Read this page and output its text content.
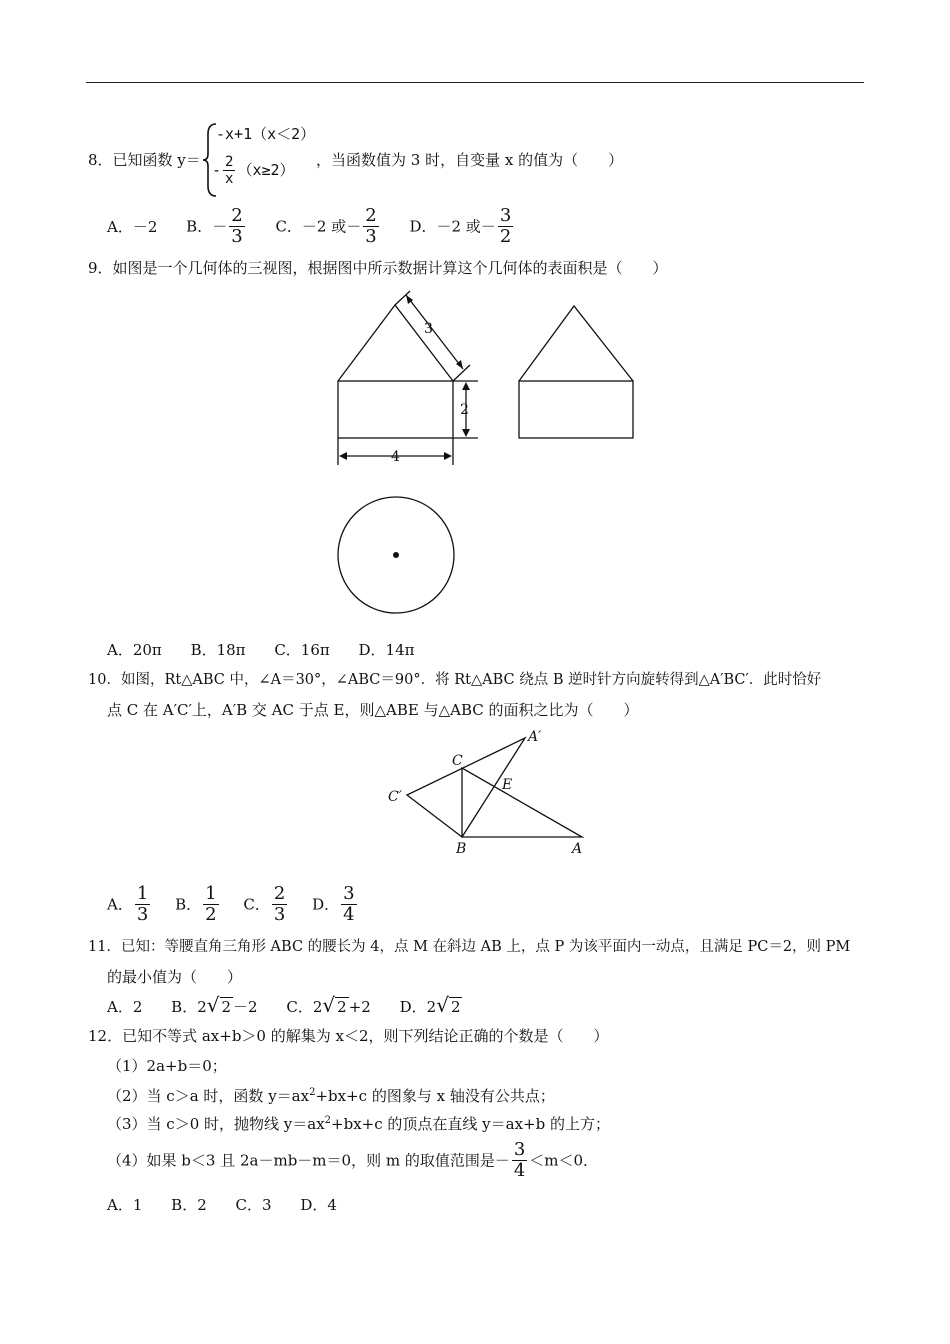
8．已知函数 y＝
-x+1（x＜2）
- $\frac{2}{x} (x\ge 2)$
，当函数值为 3 时，自变量 x 的值为（　　）
A．－2 B．－ $\frac{2}{3}$ C．－2 或－ $\frac{2}{3}$ D．－2 或－ $\frac{3}{2}$
9．如图是一个几何体的三视图，根据图中所示数据计算这个几何体的表面积是（　　）
3
2
4
A．20π B．18π C．16π D．14π
10．如图，Rt△ABC 中，∠A＝30°，∠ABC＝90°．将 Rt△ABC 绕点 B 逆时针方向旋转得到△A′BC′．此时恰好
点 C 在 A′C′上，A′B 交 AC 于点 E，则△ABE 与△ABC 的面积之比为（　　）
A′
C
E
C′
B	A
A． $\frac{1}{3}$ B． $\frac{1}{2}$ C． $\frac{2}{3}$ D． $\frac{3}{4}$
11．已知：等腰直角三角形 ABC 的腰长为 4，点 M 在斜边 AB 上，点 P 为该平面内一动点，且满足 PC＝2，则 PM
的最小值为（　　）
A．2 B．2√ 2 －2 C．2√ 2 +2 D．2√ 2
12．已知不等式 ax+b＞0 的解集为 x＜2，则下列结论正确的个数是（　　）
（1）2a+b＝0；
（2）当 c＞a 时，函数 $y=ax^2+bx+c$ 的图象与 x 轴没有公共点；
（3）当 c＞0 时，抛物线 $y=ax^2+bx+c$ 的顶点在直线 y＝ax+b 的上方；
（4）如果 b＜3 且 2a－mb－m＝0，则 m 的取值范围是－ $\frac{3}{4} <m<0$．
A．1 B．2 C．3 D．4
